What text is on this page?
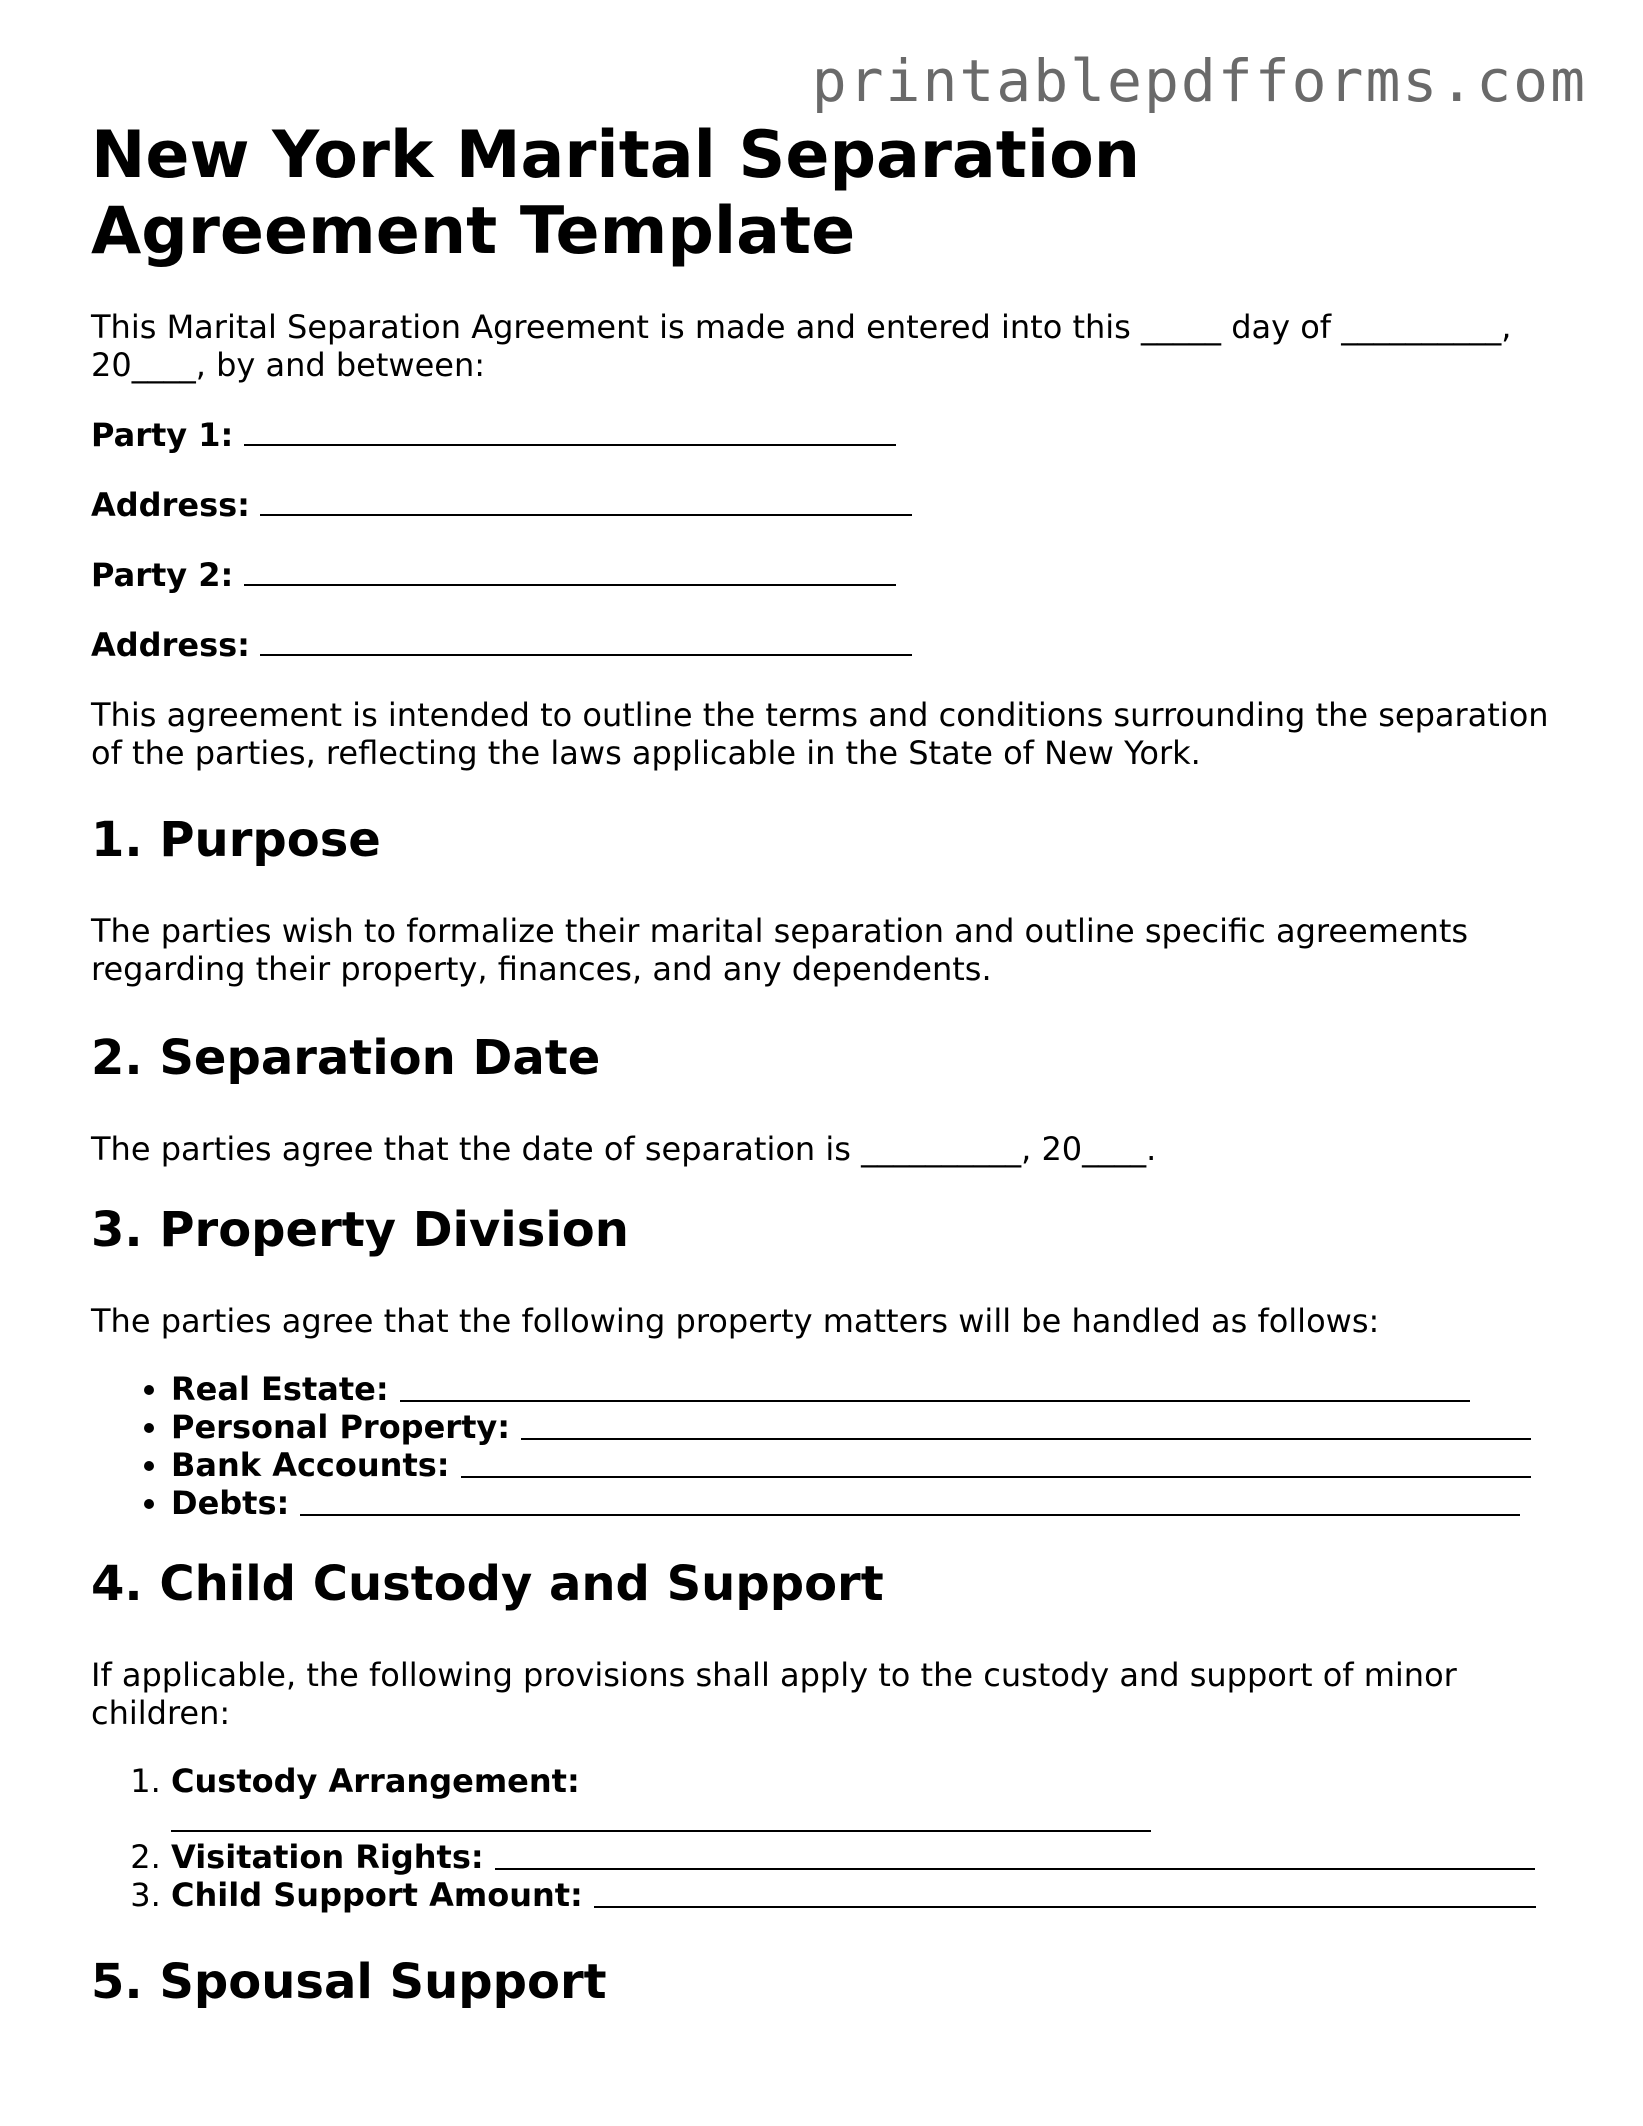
printablepdfforms.com
New York Marital Separation Agreement Template

This Marital Separation Agreement is made and entered into this _____ day of __________, 20____, by and between:

Party 1:
Address:
Party 2:
Address:

This agreement is intended to outline the terms and conditions surrounding the separation of the parties, reflecting the laws applicable in the State of New York.

1. Purpose

The parties wish to formalize their marital separation and outline specific agreements regarding their property, finances, and any dependents.

2. Separation Date

The parties agree that the date of separation is __________, 20____.

3. Property Division

The parties agree that the following property matters will be handled as follows:

• Real Estate:
• Personal Property:
• Bank Accounts:
• Debts:
4. Child Custody and Support

If applicable, the following provisions shall apply to the custody and support of minor children:

1. Custody Arrangement:

2. Visitation Rights:
3. Child Support Amount:
5. Spousal Support
